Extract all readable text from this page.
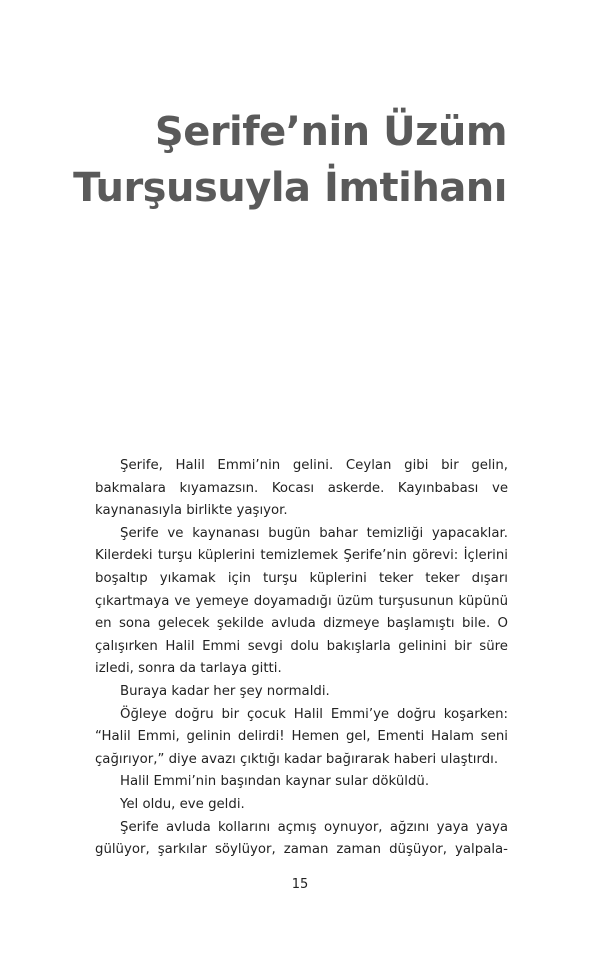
Şerife’nin Üzüm
Turşusuyla İmtihanı

Şerife, Halil Emmi’nin gelini. Ceylan gibi bir gelin, bakmalara kıyamazsın. Kocası askerde. Kayınbabası ve kaynanasıyla birlikte yaşıyor.

Şerife ve kaynanası bugün bahar temizliği yapacaklar. Kilerdeki turşu küplerini temizlemek Şerife’nin görevi: İçlerini boşaltıp yıkamak için turşu küplerini teker teker dışarı çıkartmaya ve yemeye doyamadığı üzüm turşusunun küpünü en sona gelecek şekilde avluda dizmeye başlamıştı bile. O çalışırken Halil Emmi sevgi dolu bakışlarla gelinini bir süre izledi, sonra da tarlaya gitti.

Buraya kadar her şey normaldi.

Öğleye doğru bir çocuk Halil Emmi’ye doğru koşarken: “Halil Emmi, gelinin delirdi! Hemen gel, Ementi Halam seni çağırıyor,” diye avazı çıktığı kadar bağırarak haberi ulaştırdı.

Halil Emmi’nin başından kaynar sular döküldü.

Yel oldu, eve geldi.

Şerife avluda kollarını açmış oynuyor, ağzını yaya yaya gülüyor, şarkılar söylüyor, zaman zaman düşüyor, yalpala-

15
